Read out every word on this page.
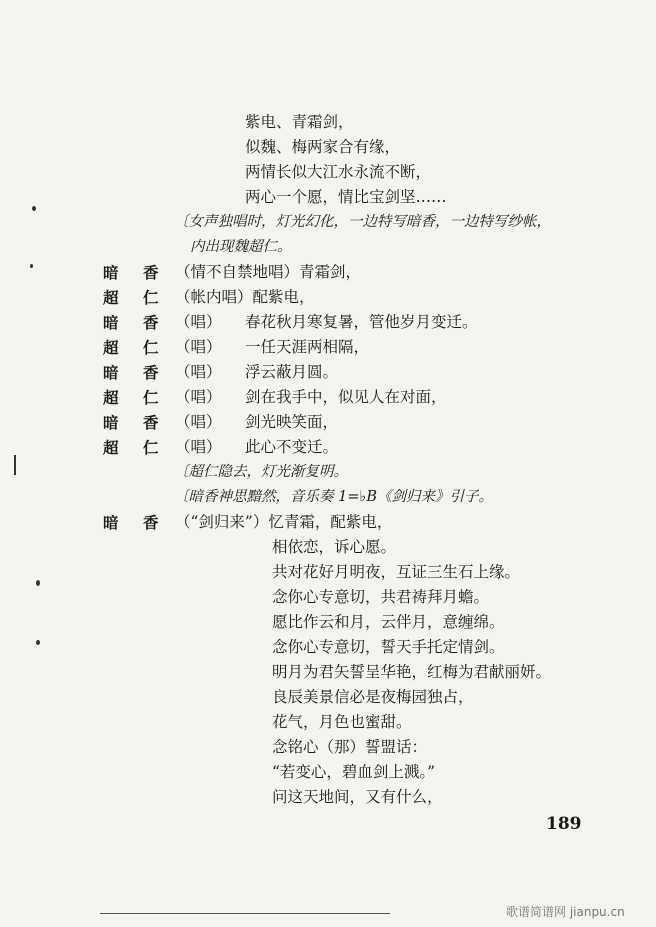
紫电、青霜剑，
似魏、梅两家合有缘，
两情长似大江水永流不断，
两心一个愿，情比宝剑坚……
〔女声独唱时，灯光幻化，一边特写暗香，一边特写纱帐，
内出现魏超仁。
暗 香 （情不自禁地唱）青霜剑，
超 仁 （帐内唱）配紫电，
暗 香 （唱） 春花秋月寒复暑，管他岁月变迁。
超 仁 （唱） 一任天涯两相隔，
暗 香 （唱） 浮云蔽月圆。
超 仁 （唱） 剑在我手中，似见人在对面，
暗 香 （唱） 剑光映笑面，
超 仁 （唱） 此心不变迁。
〔超仁隐去，灯光渐复明。
〔暗香神思黯然，音乐奏 1=♭B《剑归来》引子。
暗 香 （“剑归来”）忆青霜，配紫电，
相依恋，诉心愿。
共对花好月明夜，互证三生石上缘。
念你心专意切，共君祷拜月蟾。
愿比作云和月，云伴月，意缠绵。
念你心专意切，誓天手托定情剑。
明月为君矢誓呈华艳，红梅为君献丽妍。
良辰美景信必是夜梅园独占，
花气，月色也蜜甜。
念铭心（那）誓盟话：
“若变心，碧血剑上溅。”
问这天地间，又有什么，
189
歌谱简谱网 jianpu.cn
